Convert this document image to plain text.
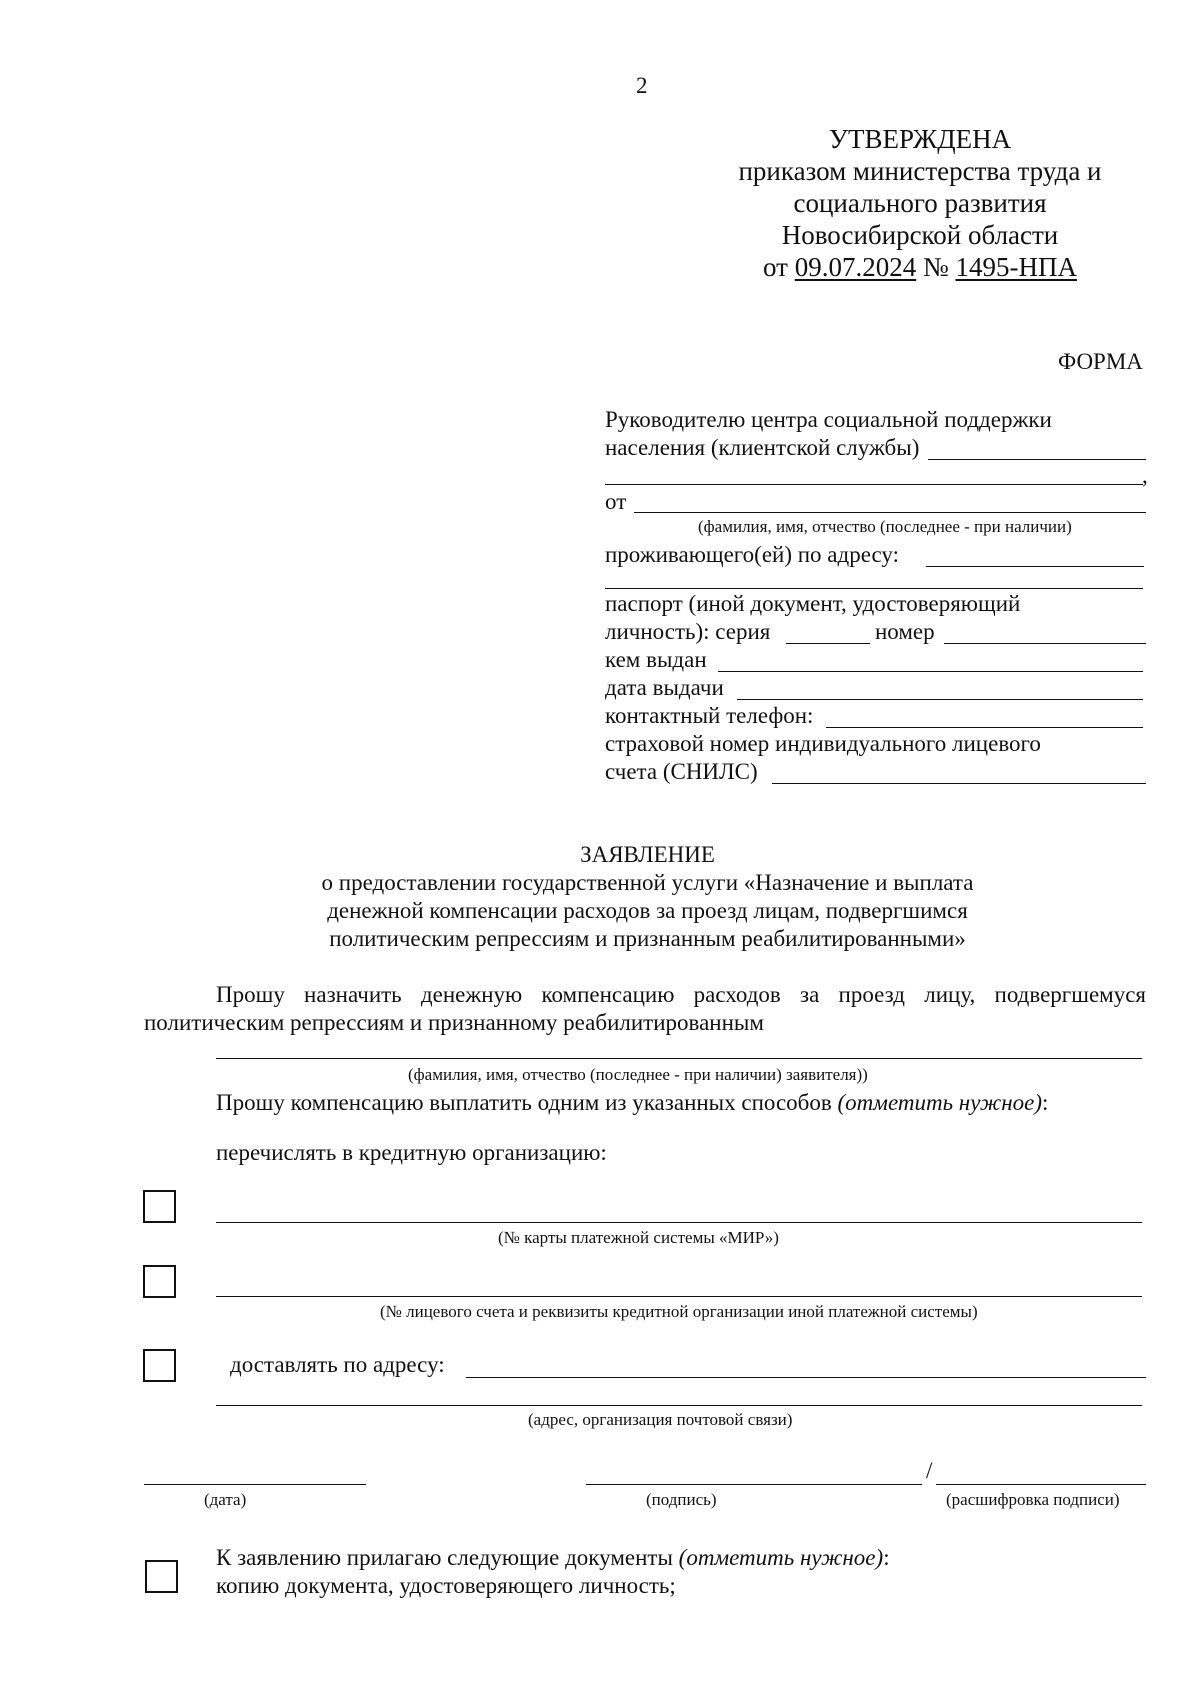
2
УТВЕРЖДЕНА
приказом министерства труда и
социального развития
Новосибирской области
от 09.07.2024 № 1495-НПА
ФОРМА
Руководителю центра социальной поддержки
населения (клиентской службы)
,
от
(фамилия, имя, отчество (последнее - при наличии)
проживающего(ей) по адресу:
паспорт (иной документ, удостоверяющий
личность): серия	номер
кем выдан
дата выдачи
контактный телефон:
страховой номер индивидуального лицевого
счета (СНИЛС)
ЗАЯВЛЕНИЕ
о предоставлении государственной услуги «Назначение и выплата
денежной компенсации расходов за проезд лицам, подвергшимся
политическим репрессиям и признанным реабилитированными»
Прошу назначить денежную компенсацию расходов за проезд лицу, подвергшемуся
политическим репрессиям и признанному реабилитированным
(фамилия, имя, отчество (последнее - при наличии) заявителя))
Прошу компенсацию выплатить одним из указанных способов (отметить нужное):
перечислять в кредитную организацию:
(№ карты платежной системы «МИР»)
(№ лицевого счета и реквизиты кредитной организации иной платежной системы)
доставлять по адресу:
(адрес, организация почтовой связи)
(дата)
/
(подпись)	(расшифровка подписи)
К заявлению прилагаю следующие документы (отметить нужное):
копию документа, удостоверяющего личность;
